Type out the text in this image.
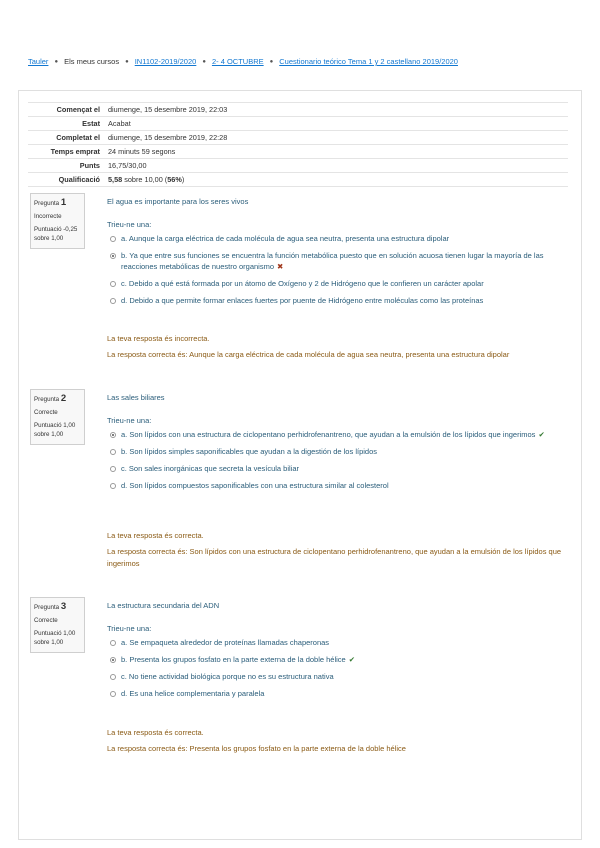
Tauler ● Els meus cursos ● IN1102-2019/2020 ● 2- 4 OCTUBRE ● Cuestionario teórico Tema 1 y 2 castellano 2019/2020
Començat el	diumenge, 15 desembre 2019, 22:03
Estat	Acabat
Completat el	diumenge, 15 desembre 2019, 22:28
Temps emprat	24 minuts 59 segons
Punts	16,75/30,00
Qualificació	5,58 sobre 10,00 (56%)
Pregunta 1
Incorrecte
Puntuació -0,25 sobre 1,00
El agua es importante para los seres vivos
Trieu-ne una:
a. Aunque la carga eléctrica de cada molécula de agua sea neutra, presenta una estructura dipolar
b. Ya que entre sus funciones se encuentra la función metabólica puesto que en solución acuosa tienen lugar la mayoría de las reacciones metabólicas de nuestro organismo ✖
c. Debido a qué está formada por un átomo de Oxígeno y 2 de Hidrógeno que le confieren un carácter apolar
d. Debido a que permite formar enlaces fuertes por puente de Hidrógeno entre moléculas como las proteínas
La teva resposta és incorrecta.
La resposta correcta és: Aunque la carga eléctrica de cada molécula de agua sea neutra, presenta una estructura dipolar
Pregunta 2
Correcte
Puntuació 1,00 sobre 1,00
Las sales biliares
Trieu-ne una:
a. Son lípidos con una estructura de ciclopentano perhidrofenantreno, que ayudan a la emulsión de los lípidos que ingerimos ✔
b. Son lípidos simples saponificables que ayudan a la digestión de los lípidos
c. Son sales inorgánicas que secreta la vesícula biliar
d. Son lípidos compuestos saponificables con una estructura similar al colesterol
La teva resposta és correcta.
La resposta correcta és: Son lípidos con una estructura de ciclopentano perhidrofenantreno, que ayudan a la emulsión de los lípidos que ingerimos
Pregunta 3
Correcte
Puntuació 1,00 sobre 1,00
La estructura secundaria del ADN
Trieu-ne una:
a. Se empaqueta alrededor de proteínas llamadas chaperonas
b. Presenta los grupos fosfato en la parte externa de la doble hélice ✔
c. No tiene actividad biológica porque no es su estructura nativa
d. Es una helice complementaria y paralela
La teva resposta és correcta.
La resposta correcta és: Presenta los grupos fosfato en la parte externa de la doble hélice
